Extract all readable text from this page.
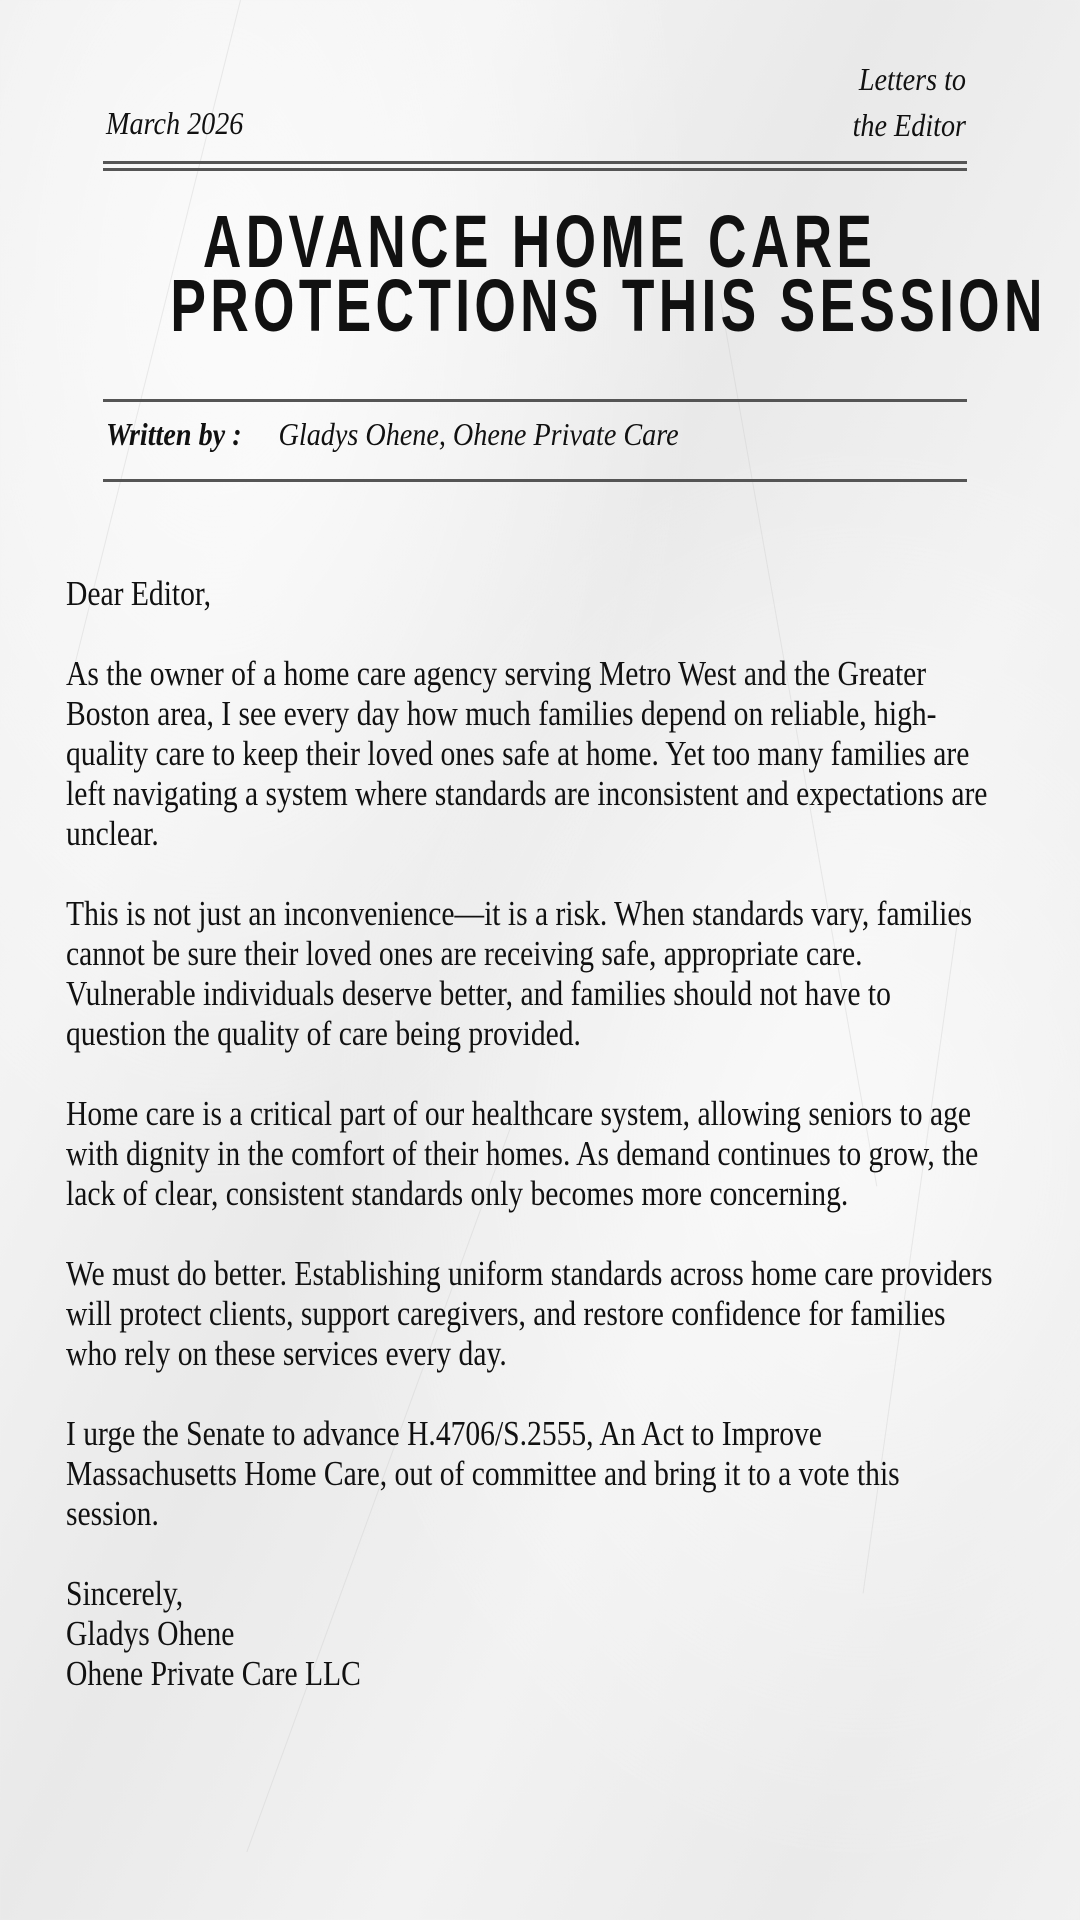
March 2026
Letters to
the Editor
ADVANCE HOME CARE
PROTECTIONS THIS SESSION
Written by : Gladys Ohene, Ohene Private Care

Dear Editor,

As the owner of a home care agency serving Metro West and the Greater Boston area, I see every day how much families depend on reliable, high-quality care to keep their loved ones safe at home. Yet too many families are left navigating a system where standards are inconsistent and expectations are unclear.

This is not just an inconvenience—it is a risk. When standards vary, families cannot be sure their loved ones are receiving safe, appropriate care. Vulnerable individuals deserve better, and families should not have to question the quality of care being provided.

Home care is a critical part of our healthcare system, allowing seniors to age with dignity in the comfort of their homes. As demand continues to grow, the lack of clear, consistent standards only becomes more concerning.

We must do better. Establishing uniform standards across home care providers will protect clients, support caregivers, and restore confidence for families who rely on these services every day.

I urge the Senate to advance H.4706/S.2555, An Act to Improve Massachusetts Home Care, out of committee and bring it to a vote this session.

Sincerely,

Gladys Ohene

Ohene Private Care LLC
